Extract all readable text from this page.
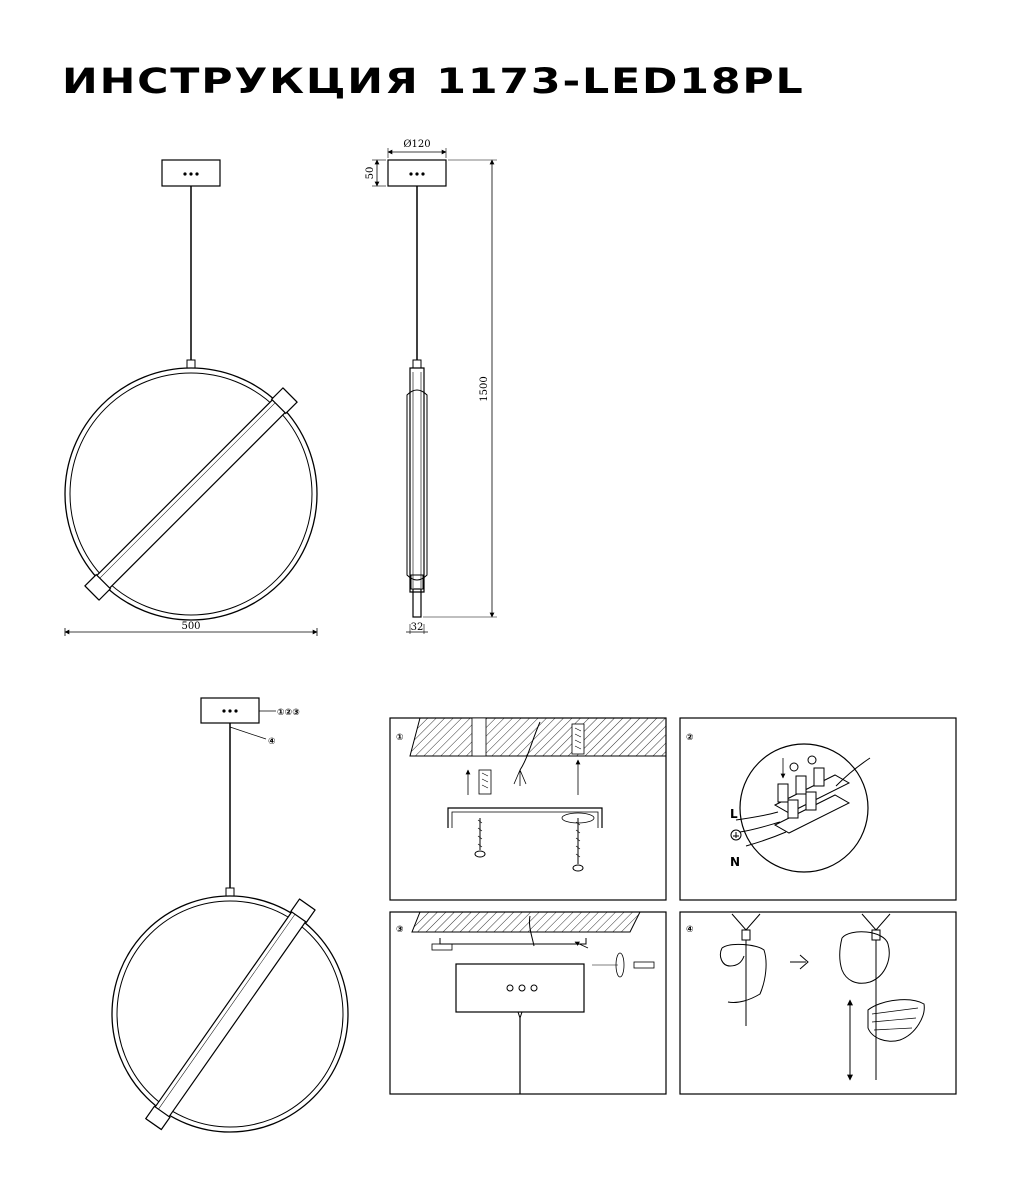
ИНСТРУКЦИЯ 1173-LED18PL
500
Ø120
50
1500
32
①②③
④	①	②
L
N
③	④
